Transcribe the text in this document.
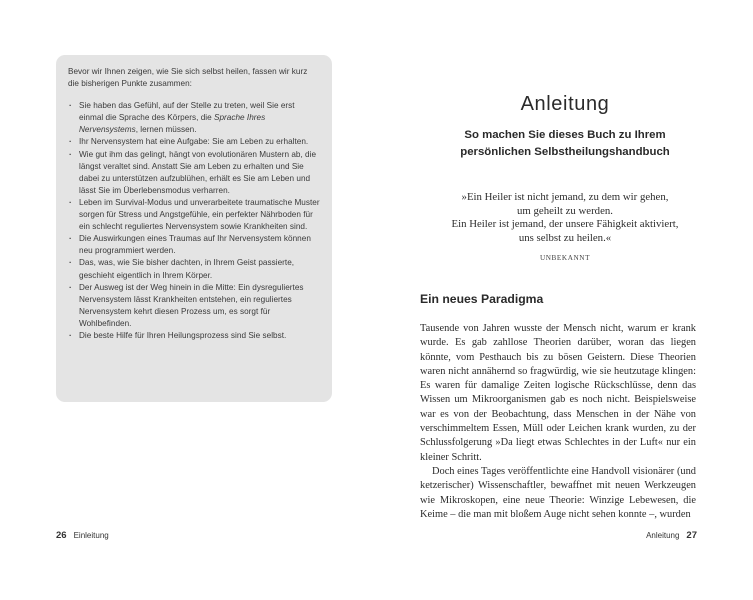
Bevor wir Ihnen zeigen, wie Sie sich selbst heilen, fassen wir kurz die bisherigen Punkte zusammen:

· Sie haben das Gefühl, auf der Stelle zu treten, weil Sie erst einmal die Sprache des Körpers, die Sprache Ihres Nervensystems, lernen müssen.
· Ihr Nervensystem hat eine Aufgabe: Sie am Leben zu erhalten.
· Wie gut ihm das gelingt, hängt von evolutionären Mustern ab, die längst veraltet sind. Anstatt Sie am Leben zu erhalten und Sie dabei zu unterstützen aufzublühen, erhält es Sie am Leben und lässt Sie im Überlebensmodus verharren.
· Leben im Survival-Modus und unverarbeitete traumatische Muster sorgen für Stress und Angstgefühle, ein perfekter Nährboden für ein schlecht reguliertes Nervensystem sowie Krankheiten sind.
· Die Auswirkungen eines Traumas auf Ihr Nervensystem können neu programmiert werden.
· Das, was, wie Sie bisher dachten, in Ihrem Geist passierte, geschieht eigentlich in Ihrem Körper.
· Der Ausweg ist der Weg hinein in die Mitte: Ein dysreguliertes Nervensystem lässt Krankheiten entstehen, ein reguliertes Nervensystem kehrt diesen Prozess um, es sorgt für Wohlbefinden.
· Die beste Hilfe für Ihren Heilungsprozess sind Sie selbst.
26 Einleitung
Anleitung
So machen Sie dieses Buch zu Ihrem
persönlichen Selbstheilungshandbuch
»Ein Heiler ist nicht jemand, zu dem wir gehen,
um geheilt zu werden.
Ein Heiler ist jemand, der unsere Fähigkeit aktiviert,
uns selbst zu heilen.«

UNBEKANNT

Ein neues Paradigma

Tausende von Jahren wusste der Mensch nicht, warum er krank wurde. Es gab zahllose Theorien darüber, woran das liegen könnte, vom Pesthauch bis zu bösen Geistern. Diese Theorien waren nicht annähernd so fragwürdig, wie sie heutzutage klingen: Es waren für damalige Zeiten logische Rückschlüsse, denn das Wissen um Mikroorganismen gab es noch nicht. Beispielsweise war es von der Beobachtung, dass Menschen in der Nähe von verschimmeltem Essen, Müll oder Leichen krank wurden, zu der Schlussfolgerung »Da liegt etwas Schlechtes in der Luft« nur ein kleiner Schritt.

Doch eines Tages veröffentlichte eine Handvoll visionärer (und ketzerischer) Wissenschaftler, bewaffnet mit neuen Werkzeugen wie Mikroskopen, eine neue Theorie: Winzige Lebewesen, die Keime – die man mit bloßem Auge nicht sehen konnte –, wurden

Anleitung 27
